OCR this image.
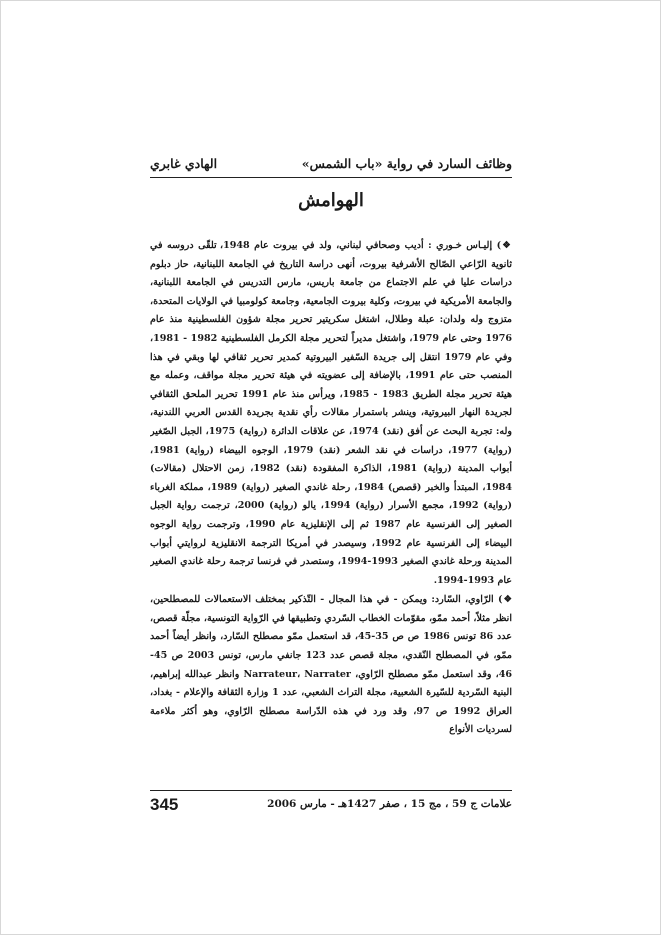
وظائف السارد في رواية «باب الشمس»
الهادي غابري
الهوامش

❖) إليـاس خـوري : أديب وصحافي لبناني، ولد في بيروت عام 1948، تلقّى دروسه في ثانوية الرّاعي الصّالح الأشرفية بيروت، أنهى دراسة التاريخ في الجامعة اللبنانية، حاز دبلوم دراسات عليا في علم الاجتماع من جامعة باريس، مارس التدريس في الجامعة اللبنانية، والجامعة الأمريكية في بيروت، وكلية بيروت الجامعية، وجامعة كولومبيا في الولايات المتحدة، متزوج وله ولدان: عبلة وطلال، اشتغل سكريتير تحرير مجلة شؤون الفلسطينية منذ عام 1976 وحتى عام 1979، واشتغل مديراً لتحرير مجلة الكرمل الفلسطينية 1982 - 1981، وفي عام 1979 انتقل إلى جريدة السّفير البيروتية كمدير تحرير ثقافي لها وبقي في هذا المنصب حتى عام 1991، بالإضافة إلى عضويته في هيئة تحرير مجلة مواقف، وعمله مع هيئة تحرير مجلة الطريق 1983 - 1985، ويرأس منذ عام 1991 تحرير الملحق الثقافي لجريدة النهار البيروتية، وينشر باستمرار مقالات رأي نقدية بجريدة القدس العربي اللندنية، وله: تجربة البحث عن أفق (نقد) 1974، عن علاقات الدائرة (رواية) 1975، الجبل الصّغير (رواية) 1977، دراسات في نقد الشعر (نقد) 1979، الوجوه البيضاء (رواية) 1981، أبواب المدينة (رواية) 1981، الذاكرة المفقودة (نقد) 1982، زمن الاحتلال (مقالات) 1984، المبتدأ والخبر (قصص) 1984، رحلة غاندي الصغير (رواية) 1989، مملكة الغرباء (رواية) 1992، مجمع الأسرار (رواية) 1994، يالو (رواية) 2000، ترجمت رواية الجبل الصغير إلى الفرنسية عام 1987 ثم إلى الإنقليزية عام 1990، وترجمت رواية الوجوه البيضاء إلى الفرنسية عام 1992، وسيصدر في أمريكا الترجمة الانقليزية لروايتي أبواب المدينة ورحلة غاندي الصغير 1993-1994، وستصدر في فرنسا ترجمة رحلة غاندي الصغير عام 1993-1994.

❖) الرّاوي، السّارد: ويمكن - في هذا المجال - التّذكير بمختلف الاستعمالات للمصطلحين، انظر مثلاً، أحمد ممّو، مقوّمات الخطاب السّردي وتطبيقها في الرّواية التونسية، مجلّة قصص، عدد 86 تونس 1986 ص ص 35-45، قد استعمل ممّو مصطلح السّارد، وانظر أيضاً أحمد ممّو، في المصطلح النّقدي، مجلة قصص عدد 123 جانفي مارس، تونس 2003 ص 45-46، وقد استعمل ممّو مصطلح الرّاوي، Narrateur، Narrater وانظر عبدالله إبراهيم، البنية السّردية للسّيرة الشعبية، مجلة التراث الشعبي، عدد 1 وزارة الثقافة والإعلام - بغداد، العراق 1992 ص 97، وقد ورد في هذه الدّراسة مصطلح الرّاوي، وهو أكثر ملاءمة لسرديات الأنواع

علامات ج 59 ، مج 15 ، صفر 1427هـ - مارس 2006
345
